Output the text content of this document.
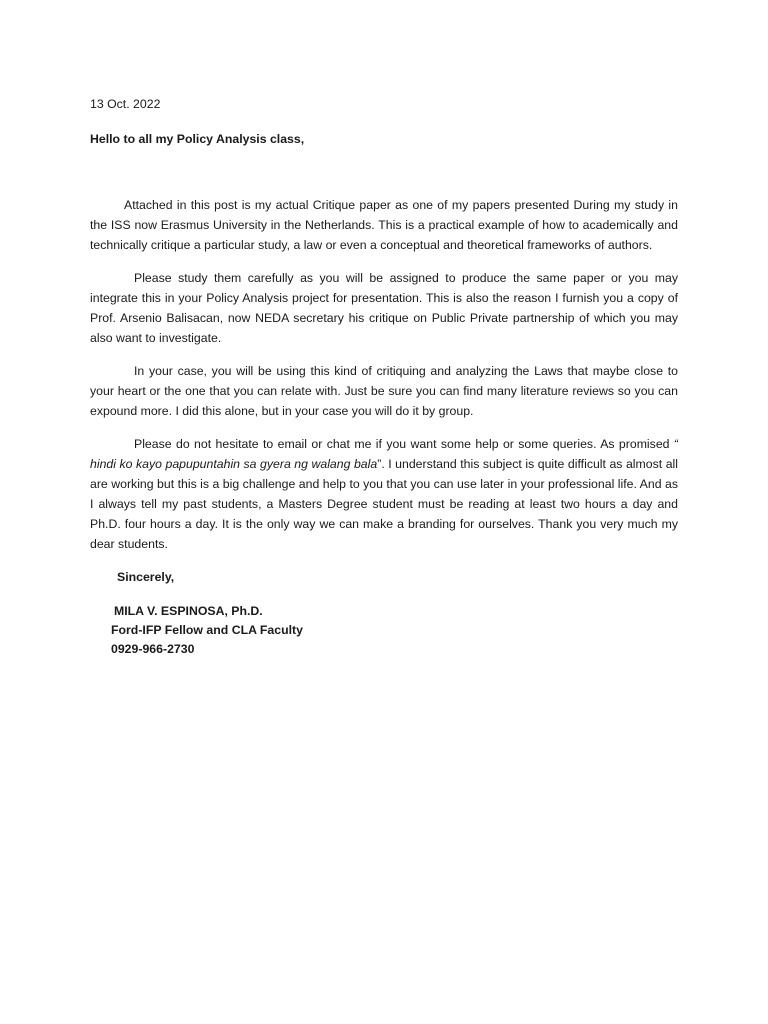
13 Oct. 2022
Hello to all my Policy Analysis class,

Attached in this post is my actual Critique paper as one of my papers presented During my study in the ISS now Erasmus University in the Netherlands. This is a practical example of how to academically and technically critique a particular study, a law or even a conceptual and theoretical frameworks of authors.

Please study them carefully as you will be assigned to produce the same paper or you may integrate this in your Policy Analysis project for presentation. This is also the reason I furnish you a copy of Prof. Arsenio Balisacan, now NEDA secretary his critique on Public Private partnership of which you may also want to investigate.

In your case, you will be using this kind of critiquing and analyzing the Laws that maybe close to your heart or the one that you can relate with. Just be sure you can find many literature reviews so you can expound more. I did this alone, but in your case you will do it by group.

Please do not hesitate to email or chat me if you want some help or some queries. As promised “ hindi ko kayo papupuntahin sa gyera ng walang bala”. I understand this subject is quite difficult as almost all are working but this is a big challenge and help to you that you can use later in your professional life. And as I always tell my past students, a Masters Degree student must be reading at least two hours a day and Ph.D. four hours a day. It is the only way we can make a branding for ourselves. Thank you very much my dear students.

Sincerely,
MILA V. ESPINOSA, Ph.D.
Ford-IFP Fellow and CLA Faculty
0929-966-2730
